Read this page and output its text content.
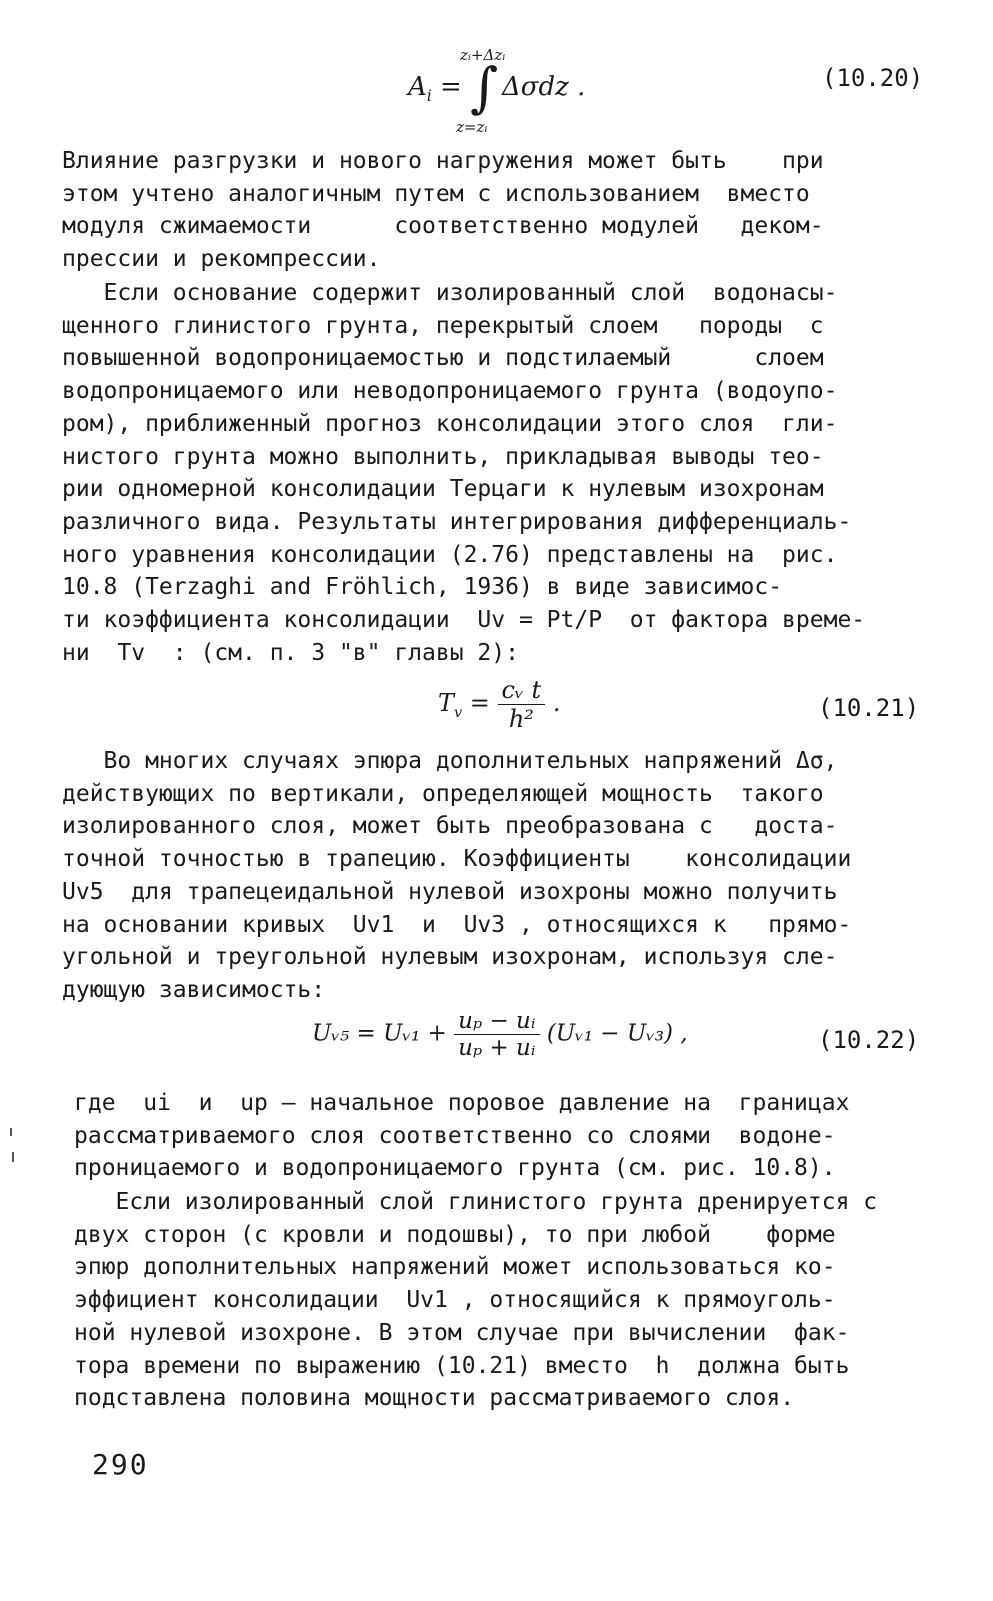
zᵢ+Δzᵢ
$A_i$ = ∫ Δσdz .
z=zᵢ
(10.20)
Влияние разгрузки и нового нагружения может быть    при
этом учтено аналогичным путем с использованием  вместо
модуля сжимаемости      соответственно модулей   деком-
прессии и рекомпрессии.
Если основание содержит изолированный слой  водонасы-
щенного глинистого грунта, перекрытый слоем   породы  с
повышенной водопроницаемостью и подстилаемый      слоем
водопроницаемого или неводопроницаемого грунта (водоупо-
ром), приближенный прогноз консолидации этого слоя  гли-
нистого грунта можно выполнить, прикладывая выводы тео-
рии одномерной консолидации Терцаги к нулевым изохронам
различного вида. Результаты интегрирования дифференциаль-
ного уравнения консолидации (2.76) представлены на  рис.
10.8 (Terzaghi and Fröhlich, 1936) в виде зависимос-
ти коэффициента консолидации  Uv = Pt/P  от фактора време-
ни  Tv  : (см. п. 3 "в" главы 2):
$T_v = \frac{\text{cᵥ t}}{\text{h²}}$ .	(10.21)
Во многих случаях эпюра дополнительных напряжений Δσ,
действующих по вертикали, определяющей мощность  такого
изолированного слоя, может быть преобразована с   доста-
точной точностью в трапецию. Коэффициенты    консолидации
Uv5  для трапецеидальной нулевой изохроны можно получить
на основании кривых  Uv1  и  Uv3 , относящихся к   прямо-
угольной и треугольной нулевым изохронам, используя сле-
дующую зависимость:
Uᵥ₅ = Uᵥ₁ + $\frac{\text{uₚ − uᵢ}}{\text{uₚ + uᵢ}}$ (Uᵥ₁ − Uᵥ₃) ,	(10.22)
где  ui  и  up – начальное поровое давление на  границах
рассматриваемого слоя соответственно со слоями  водоне-
проницаемого и водопроницаемого грунта (см. рис. 10.8).
Если изолированный слой глинистого грунта дренируется с
двух сторон (с кровли и подошвы), то при любой    форме
эпюр дополнительных напряжений может использоваться ко-
эффициент консолидации  Uv1 , относящийся к прямоуголь-
ной нулевой изохроне. В этом случае при вычислении  фак-
тора времени по выражению (10.21) вместо  h  должна быть
подставлена половина мощности рассматриваемого слоя.
290
